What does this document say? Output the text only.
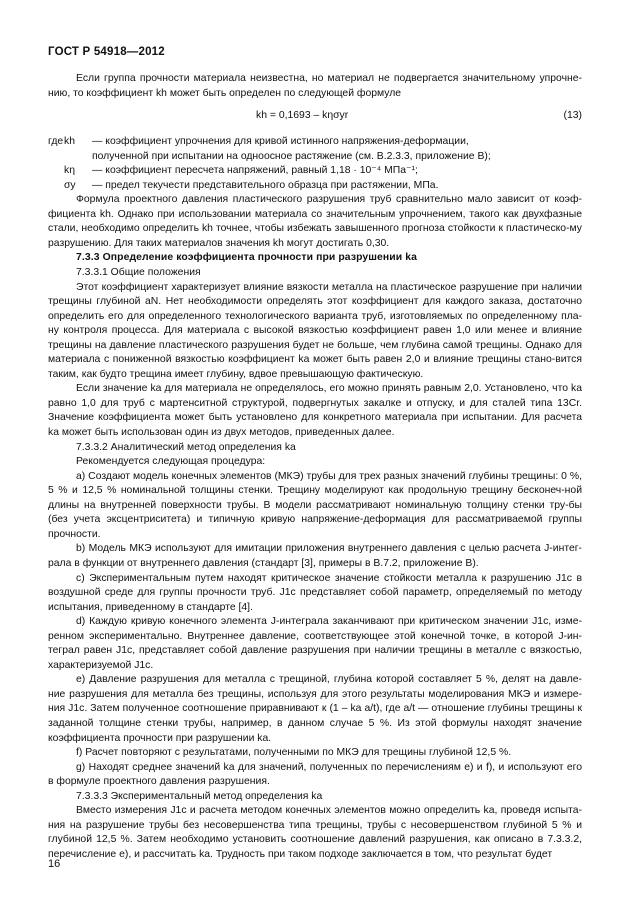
ГОСТ Р 54918—2012

Если группа прочности материала неизвестна, но материал не подвергается значительному упрочне-нию, то коэффициент kh может быть определен по следующей формуле

kh = 0,1693 – kησyr	(13)
где kh — коэффициент упрочнения для кривой истинного напряжения-деформации,
полученной при испытании на одноосное растяжение (см. В.2.3.3, приложение В);
kη — коэффициент пересчета напряжений, равный 1,18 · 10⁻⁴ МПа⁻¹;
σy — предел текучести представительного образца при растяжении, МПа.

Формула проектного давления пластического разрушения труб сравнительно мало зависит от коэф-фициента kh. Однако при использовании материала со значительным упрочнением, такого как двухфазные стали, необходимо определить kh точнее, чтобы избежать завышенного прогноза стойкости к пластическо-му разрушению. Для таких материалов значения kh могут достигать 0,30.

7.3.3 Определение коэффициента прочности при разрушении ka

7.3.3.1 Общие положения

Этот коэффициент характеризует влияние вязкости металла на пластическое разрушение при наличии трещины глубиной aN. Нет необходимости определять этот коэффициент для каждого заказа, достаточно определить его для определенного технологического варианта труб, изготовляемых по определенному пла-ну контроля процесса. Для материала с высокой вязкостью коэффициент равен 1,0 или менее и влияние трещины на давление пластического разрушения будет не больше, чем глубина самой трещины. Однако для материала с пониженной вязкостью коэффициент ka может быть равен 2,0 и влияние трещины стано-вится таким, как будто трещина имеет глубину, вдвое превышающую фактическую.

Если значение ka для материала не определялось, его можно принять равным 2,0. Установлено, что ka равно 1,0 для труб с мартенситной структурой, подвергнутых закалке и отпуску, и для сталей типа 13Cr. Значение коэффициента может быть установлено для конкретного материала при испытании. Для расчета ka может быть использован один из двух методов, приведенных далее.

7.3.3.2 Аналитический метод определения ka

Рекомендуется следующая процедура:

a) Создают модель конечных элементов (МКЭ) трубы для трех разных значений глубины трещины: 0 %, 5 % и 12,5 % номинальной толщины стенки. Трещину моделируют как продольную трещину бесконеч-ной длины на внутренней поверхности трубы. В модели рассматривают номинальную толщину стенки тру-бы (без учета эксцентриситета) и типичную кривую напряжение-деформация для рассматриваемой группы прочности.

b) Модель МКЭ используют для имитации приложения внутреннего давления с целью расчета J-интег-рала в функции от внутреннего давления (стандарт [3], примеры в В.7.2, приложение В).

c) Экспериментальным путем находят критическое значение стойкости металла к разрушению J1c в воздушной среде для группы прочности труб. J1c представляет собой параметр, определяемый по методу испытания, приведенному в стандарте [4].

d) Каждую кривую конечного элемента J-интеграла заканчивают при критическом значении J1c, изме-ренном экспериментально. Внутреннее давление, соответствующее этой конечной точке, в которой J-ин-теграл равен J1c, представляет собой давление разрушения при наличии трещины в металле с вязкостью, характеризуемой J1c.

e) Давление разрушения для металла с трещиной, глубина которой составляет 5 %, делят на давле-ние разрушения для металла без трещины, используя для этого результаты моделирования МКЭ и измере-ния J1c. Затем полученное соотношение приравнивают к (1 – ka a/t), где a/t — отношение глубины трещины к заданной толщине стенки трубы, например, в данном случае 5 %. Из этой формулы находят значение коэффициента прочности при разрушении ka.

f) Расчет повторяют с результатами, полученными по МКЭ для трещины глубиной 12,5 %.

g) Находят среднее значений ka для значений, полученных по перечислениям e) и f), и используют его в формуле проектного давления разрушения.

7.3.3.3 Экспериментальный метод определения ka

Вместо измерения J1c и расчета методом конечных элементов можно определить ka, проведя испыта-ния на разрушение трубы без несовершенства типа трещины, трубы с несовершенством глубиной 5 % и глубиной 12,5 %. Затем необходимо установить соотношение давлений разрушения, как описано в 7.3.3.2, перечисление e), и рассчитать ka. Трудность при таком подходе заключается в том, что результат будет

16
